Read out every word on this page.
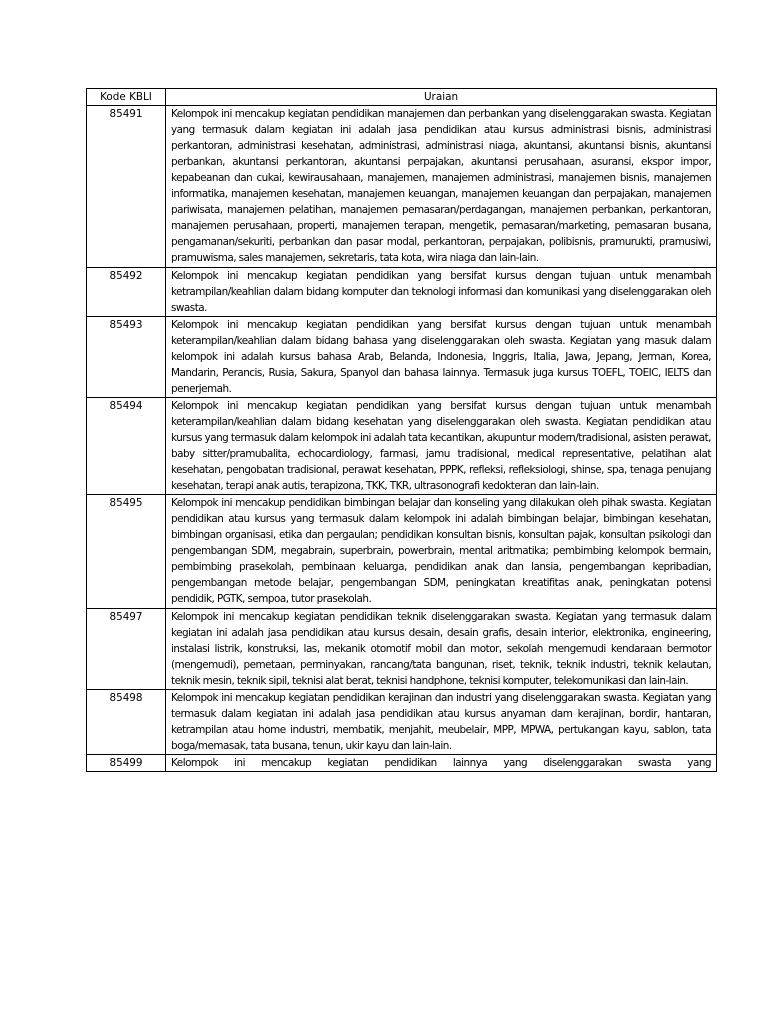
Kode KBLI	Uraian
85491	Kelompok ini mencakup kegiatan pendidikan manajemen dan perbankan yang diselenggarakan swasta. Kegiatan yang termasuk dalam kegiatan ini adalah jasa pendidikan atau kursus administrasi bisnis, administrasi perkantoran, administrasi kesehatan, administrasi, administrasi niaga, akuntansi, akuntansi bisnis, akuntansi perbankan, akuntansi perkantoran, akuntansi perpajakan, akuntansi perusahaan, asuransi, ekspor impor, kepabeanan dan cukai, kewirausahaan, manajemen, manajemen administrasi, manajemen bisnis, manajemen informatika, manajemen kesehatan, manajemen keuangan, manajemen keuangan dan perpajakan, manajemen pariwisata, manajemen pelatihan, manajemen pemasaran/perdagangan, manajemen perbankan, perkantoran, manajemen perusahaan, properti, manajemen terapan, mengetik, pemasaran/marketing, pemasaran busana, pengamanan/sekuriti, perbankan dan pasar modal, perkantoran, perpajakan, polibisnis, pramurukti, pramusiwi, pramuwisma, sales manajemen, sekretaris, tata kota, wira niaga dan lain-lain.
85492	Kelompok ini mencakup kegiatan pendidikan yang bersifat kursus dengan tujuan untuk menambah ketrampilan/keahlian dalam bidang komputer dan teknologi informasi dan komunikasi yang diselenggarakan oleh swasta.
85493	Kelompok ini mencakup kegiatan pendidikan yang bersifat kursus dengan tujuan untuk menambah keterampilan/keahlian dalam bidang bahasa yang diselenggarakan oleh swasta. Kegiatan yang masuk dalam kelompok ini adalah kursus bahasa Arab, Belanda, Indonesia, Inggris, Italia, Jawa, Jepang, Jerman, Korea, Mandarin, Perancis, Rusia, Sakura, Spanyol dan bahasa lainnya. Termasuk juga kursus TOEFL, TOEIC, IELTS dan penerjemah.
85494	Kelompok ini mencakup kegiatan pendidikan yang bersifat kursus dengan tujuan untuk menambah keterampilan/keahlian dalam bidang kesehatan yang diselenggarakan oleh swasta. Kegiatan pendidikan atau kursus yang termasuk dalam kelompok ini adalah tata kecantikan, akupuntur modern/tradisional, asisten perawat, baby sitter/pramubalita, echocardiology, farmasi, jamu tradisional, medical representative, pelatihan alat kesehatan, pengobatan tradisional, perawat kesehatan, PPPK, refleksi, refleksiologi, shinse, spa, tenaga penujang kesehatan, terapi anak autis, terapizona, TKK, TKR, ultrasonografi kedokteran dan lain-lain.
85495	Kelompok ini mencakup pendidikan bimbingan belajar dan konseling yang dilakukan oleh pihak swasta. Kegiatan pendidikan atau kursus yang termasuk dalam kelompok ini adalah bimbingan belajar, bimbingan kesehatan, bimbingan organisasi, etika dan pergaulan; pendidikan konsultan bisnis, konsultan pajak, konsultan psikologi dan pengembangan SDM, megabrain, superbrain, powerbrain, mental aritmatika; pembimbing kelompok bermain, pembimbing prasekolah, pembinaan keluarga, pendidikan anak dan lansia, pengembangan kepribadian, pengembangan metode belajar, pengembangan SDM, peningkatan kreatifitas anak, peningkatan potensi pendidik, PGTK, sempoa, tutor prasekolah.
85497	Kelompok ini mencakup kegiatan pendidikan teknik diselenggarakan swasta. Kegiatan yang termasuk dalam kegiatan ini adalah jasa pendidikan atau kursus desain, desain grafis, desain interior, elektronika, engineering, instalasi listrik, konstruksi, las, mekanik otomotif mobil dan motor, sekolah mengemudi kendaraan bermotor (mengemudi), pemetaan, perminyakan, rancang/tata bangunan, riset, teknik, teknik industri, teknik kelautan, teknik mesin, teknik sipil, teknisi alat berat, teknisi handphone, teknisi komputer, telekomunikasi dan lain-lain.
85498	Kelompok ini mencakup kegiatan pendidikan kerajinan dan industri yang diselenggarakan swasta. Kegiatan yang termasuk dalam kegiatan ini adalah jasa pendidikan atau kursus anyaman dam kerajinan, bordir, hantaran, ketrampilan atau home industri, membatik, menjahit, meubelair, MPP, MPWA, pertukangan kayu, sablon, tata boga/memasak, tata busana, tenun, ukir kayu dan lain-lain.
85499	Kelompok ini mencakup kegiatan pendidikan lainnya yang diselenggarakan swasta yang
